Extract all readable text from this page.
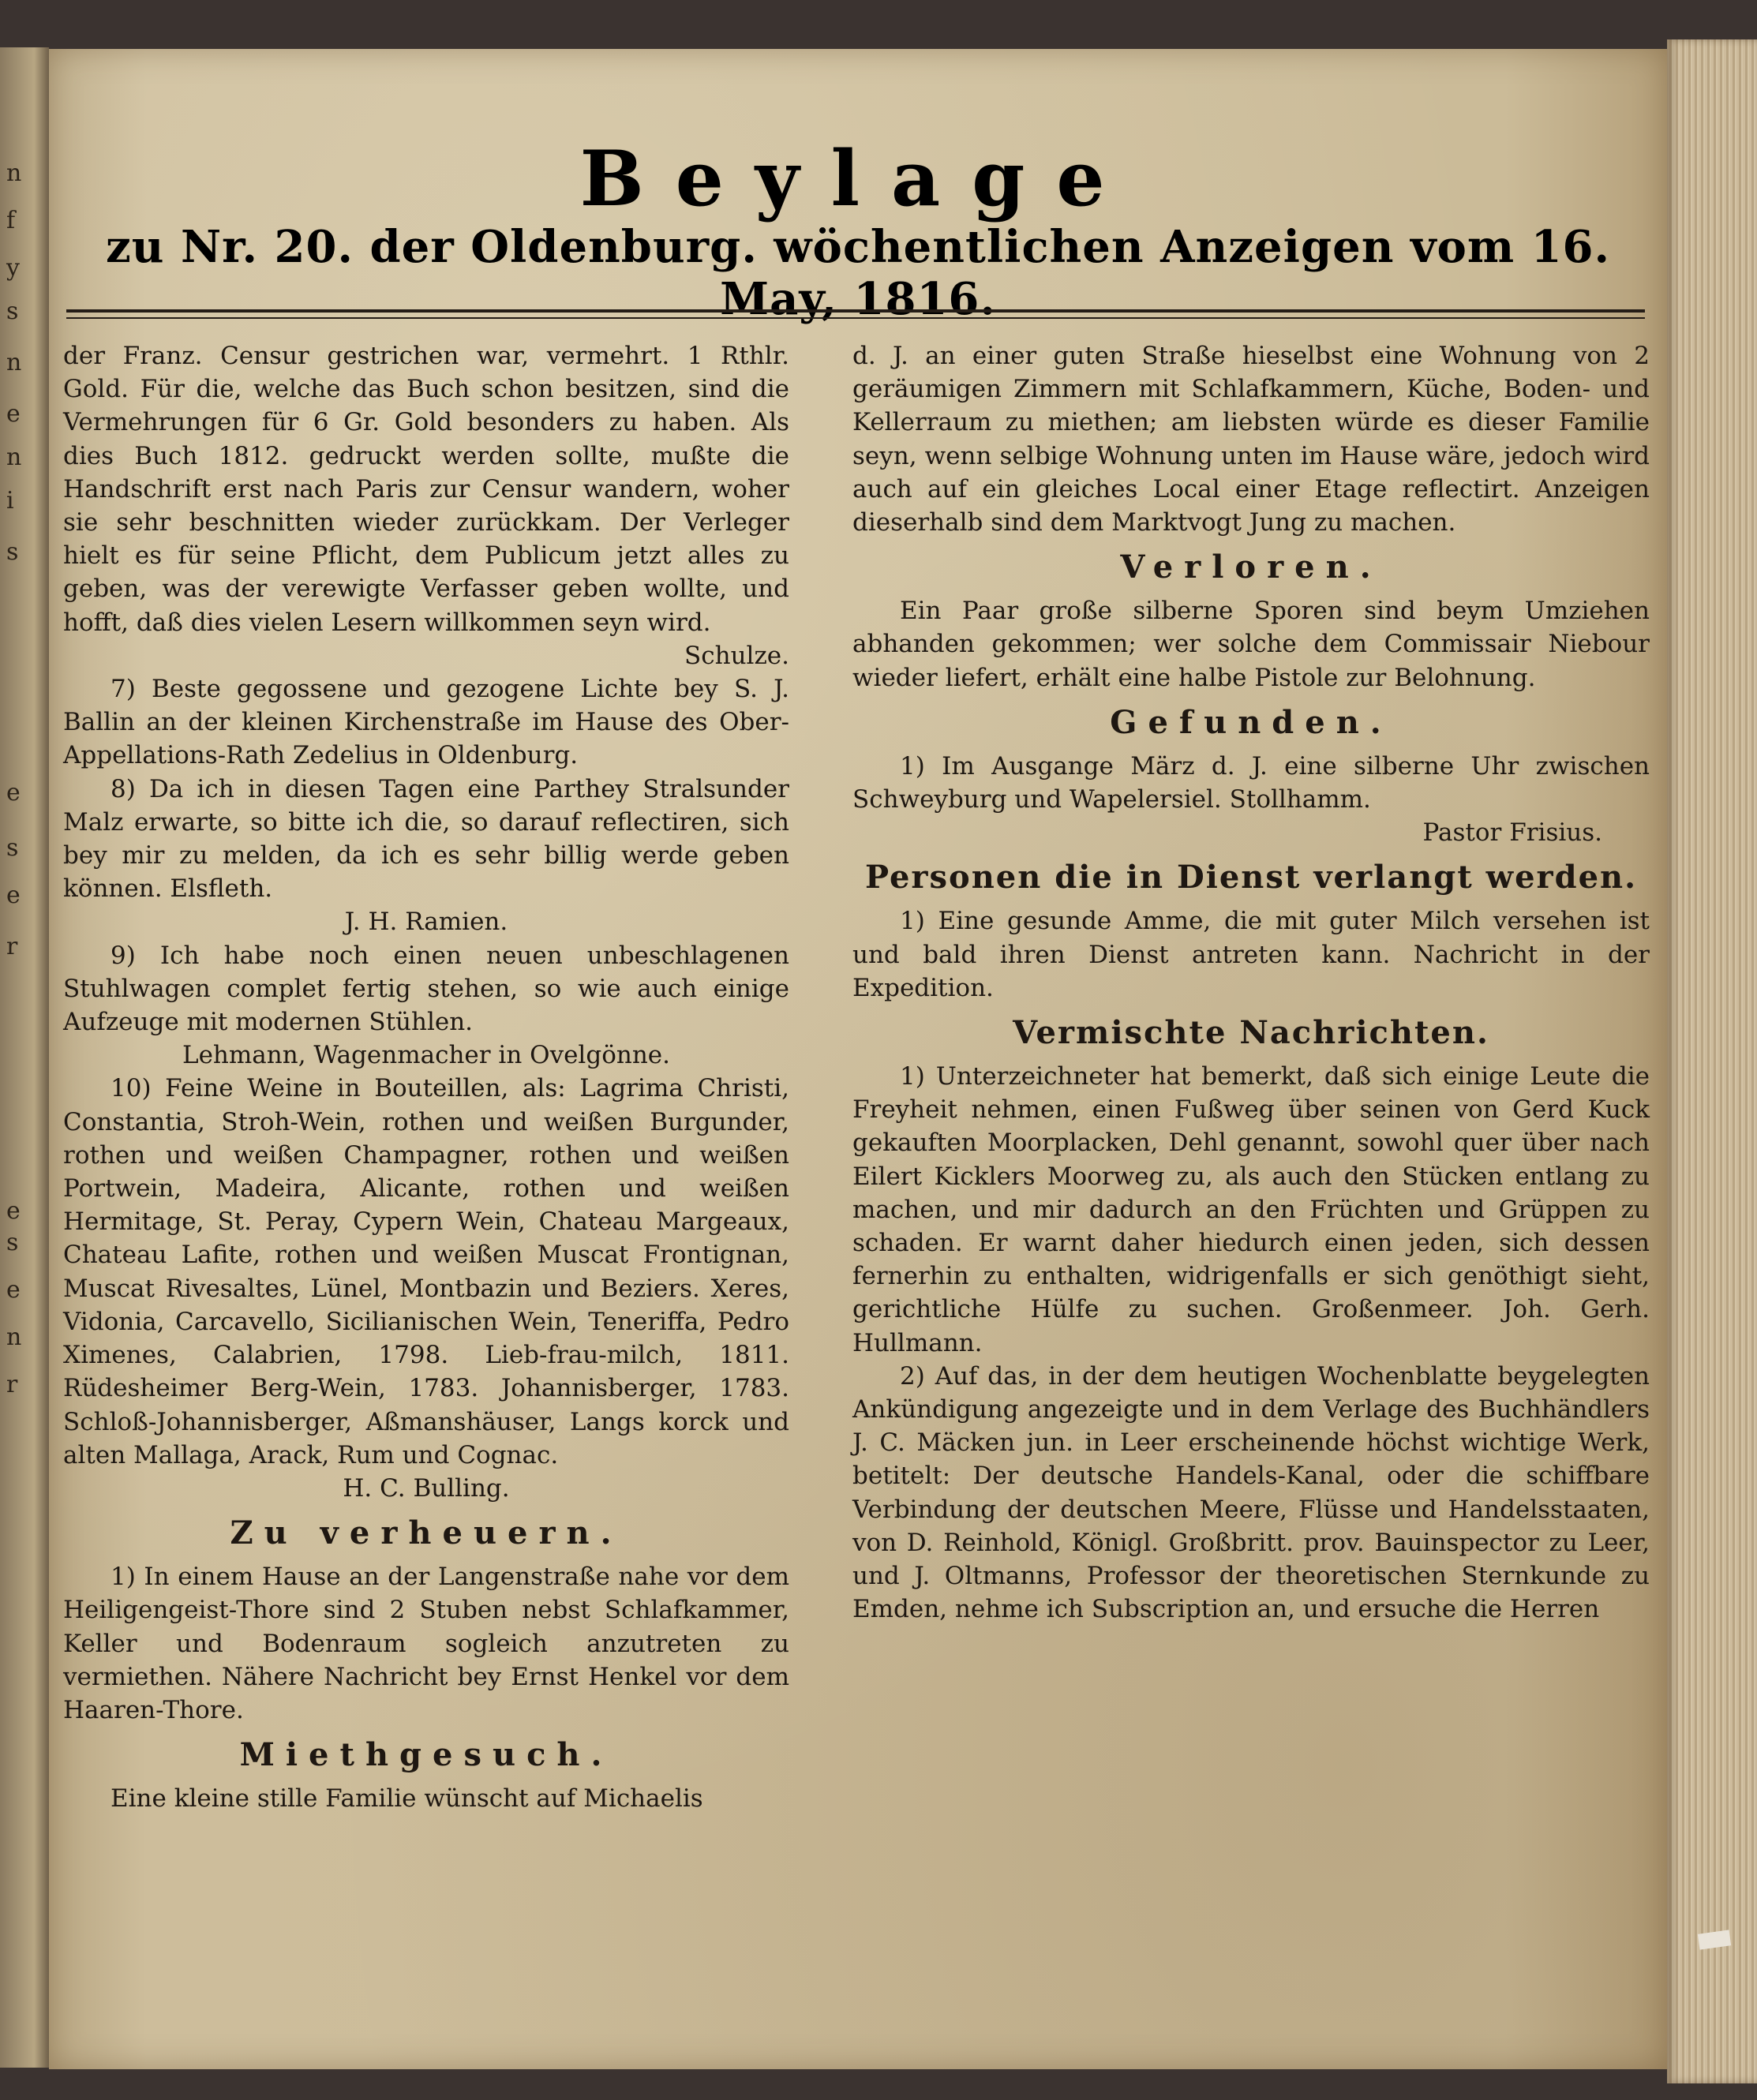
n
f
y
s
n
e
n
i
s
e
s
e
r
e
s
e
n
r
Beylage
zu Nr. 20. der Oldenburg. wöchentlichen Anzeigen vom 16. May, 1816.

der Franz. Censur gestrichen war, vermehrt. 1 Rthlr. Gold. Für die, welche das Buch schon besitzen, sind die Vermehrungen für 6 Gr. Gold besonders zu haben. Als dies Buch 1812. gedruckt werden sollte, mußte die Handschrift erst nach Paris zur Censur wandern, woher sie sehr beschnitten wieder zurückkam. Der Verleger hielt es für seine Pflicht, dem Publicum jetzt alles zu geben, was der verewigte Verfasser geben wollte, und hofft, daß dies vielen Lesern willkommen seyn wird.

Schulze.

7) Beste gegossene und gezogene Lichte bey S. J. Ballin an der kleinen Kirchenstraße im Hause des Ober-Appellations-Rath Zedelius in Oldenburg.

8) Da ich in diesen Tagen eine Parthey Stralsunder Malz erwarte, so bitte ich die, so darauf reflectiren, sich bey mir zu melden, da ich es sehr billig werde geben können. Elsfleth.

J. H. Ramien.

9) Ich habe noch einen neuen unbeschlagenen Stuhlwagen complet fertig stehen, so wie auch einige Aufzeuge mit modernen Stühlen.

Lehmann, Wagenmacher in Ovelgönne.

10) Feine Weine in Bouteillen, als: Lagrima Christi, Constantia, Stroh-Wein, rothen und weißen Burgunder, rothen und weißen Champagner, rothen und weißen Portwein, Madeira, Alicante, rothen und weißen Hermitage, St. Peray, Cypern Wein, Chateau Margeaux, Chateau Lafite, rothen und weißen Muscat Frontignan, Muscat Rivesaltes, Lünel, Montbazin und Beziers. Xeres, Vidonia, Carcavello, Sicilianischen Wein, Teneriffa, Pedro Ximenes, Calabrien, 1798. Lieb-frau-milch, 1811. Rüdesheimer Berg-Wein, 1783. Johannisberger, 1783. Schloß-Johannisberger, Aßmanshäuser, Langs korck und alten Mallaga, Arack, Rum und Cognac.

H. C. Bulling.

Zu verheuern.

1) In einem Hause an der Langenstraße nahe vor dem Heiligengeist-Thore sind 2 Stuben nebst Schlafkammer, Keller und Bodenraum sogleich anzutreten zu vermiethen. Nähere Nachricht bey Ernst Henkel vor dem Haaren-Thore.

Miethgesuch.

Eine kleine stille Familie wünscht auf Michaelis

d. J. an einer guten Straße hieselbst eine Wohnung von 2 geräumigen Zimmern mit Schlafkammern, Küche, Boden- und Kellerraum zu miethen; am liebsten würde es dieser Familie seyn, wenn selbige Wohnung unten im Hause wäre, jedoch wird auch auf ein gleiches Local einer Etage reflectirt. Anzeigen dieserhalb sind dem Marktvogt Jung zu machen.

Verloren.

Ein Paar große silberne Sporen sind beym Umziehen abhanden gekommen; wer solche dem Commissair Niebour wieder liefert, erhält eine halbe Pistole zur Belohnung.

Gefunden.

1) Im Ausgange März d. J. eine silberne Uhr zwischen Schweyburg und Wapelersiel. Stollhamm.

Pastor Frisius.

Personen die in Dienst verlangt werden.

1) Eine gesunde Amme, die mit guter Milch versehen ist und bald ihren Dienst antreten kann. Nachricht in der Expedition.

Vermischte Nachrichten.

1) Unterzeichneter hat bemerkt, daß sich einige Leute die Freyheit nehmen, einen Fußweg über seinen von Gerd Kuck gekauften Moorplacken, Dehl genannt, sowohl quer über nach Eilert Kicklers Moorweg zu, als auch den Stücken entlang zu machen, und mir dadurch an den Früchten und Grüppen zu schaden. Er warnt daher hiedurch einen jeden, sich dessen fernerhin zu enthalten, widrigenfalls er sich genöthigt sieht, gerichtliche Hülfe zu suchen. Großenmeer. Joh. Gerh. Hullmann.

2) Auf das, in der dem heutigen Wochenblatte beygelegten Ankündigung angezeigte und in dem Verlage des Buchhändlers J. C. Mäcken jun. in Leer erscheinende höchst wichtige Werk, betitelt: Der deutsche Handels-Kanal, oder die schiffbare Verbindung der deutschen Meere, Flüsse und Handelsstaaten, von D. Reinhold, Königl. Großbritt. prov. Bauinspector zu Leer, und J. Oltmanns, Professor der theoretischen Sternkunde zu Emden, nehme ich Subscription an, und ersuche die Herren
